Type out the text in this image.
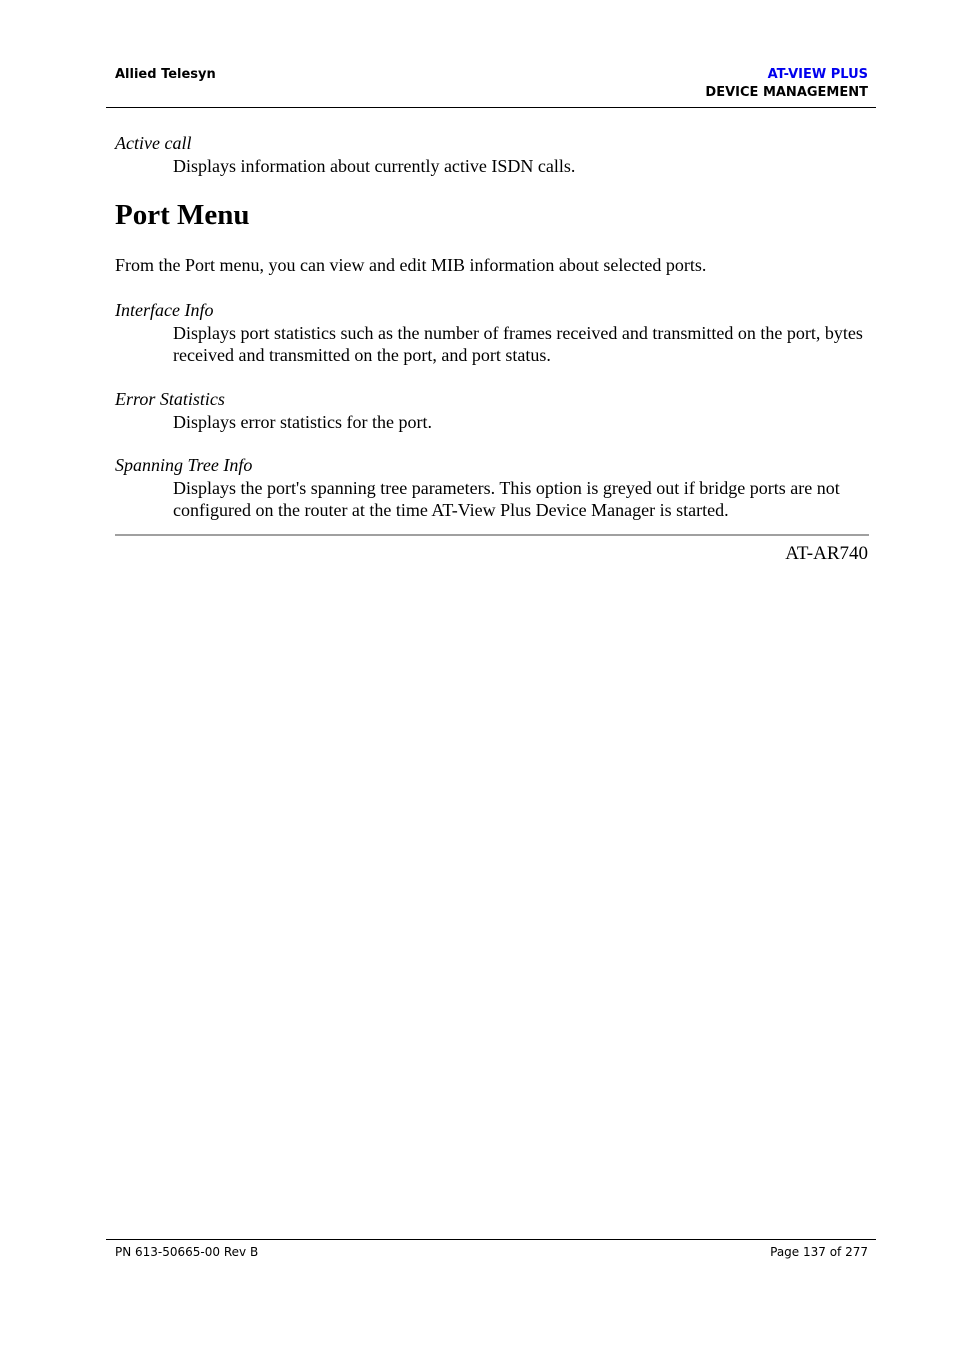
Allied Telesyn	AT-VIEW PLUS
DEVICE MANAGEMENT
Active call
Displays information about currently active ISDN calls.
Port Menu
From the Port menu, you can view and edit MIB information about selected ports.
Interface Info
Displays port statistics such as the number of frames received and transmitted on the port, bytes received and transmitted on the port, and port status.
Error Statistics
Displays error statistics for the port.
Spanning Tree Info
Displays the port's spanning tree parameters. This option is greyed out if bridge ports are not configured on the router at the time AT-View Plus Device Manager is started.
AT-AR740
PN 613-50665-00 Rev B	Page 137 of 277
